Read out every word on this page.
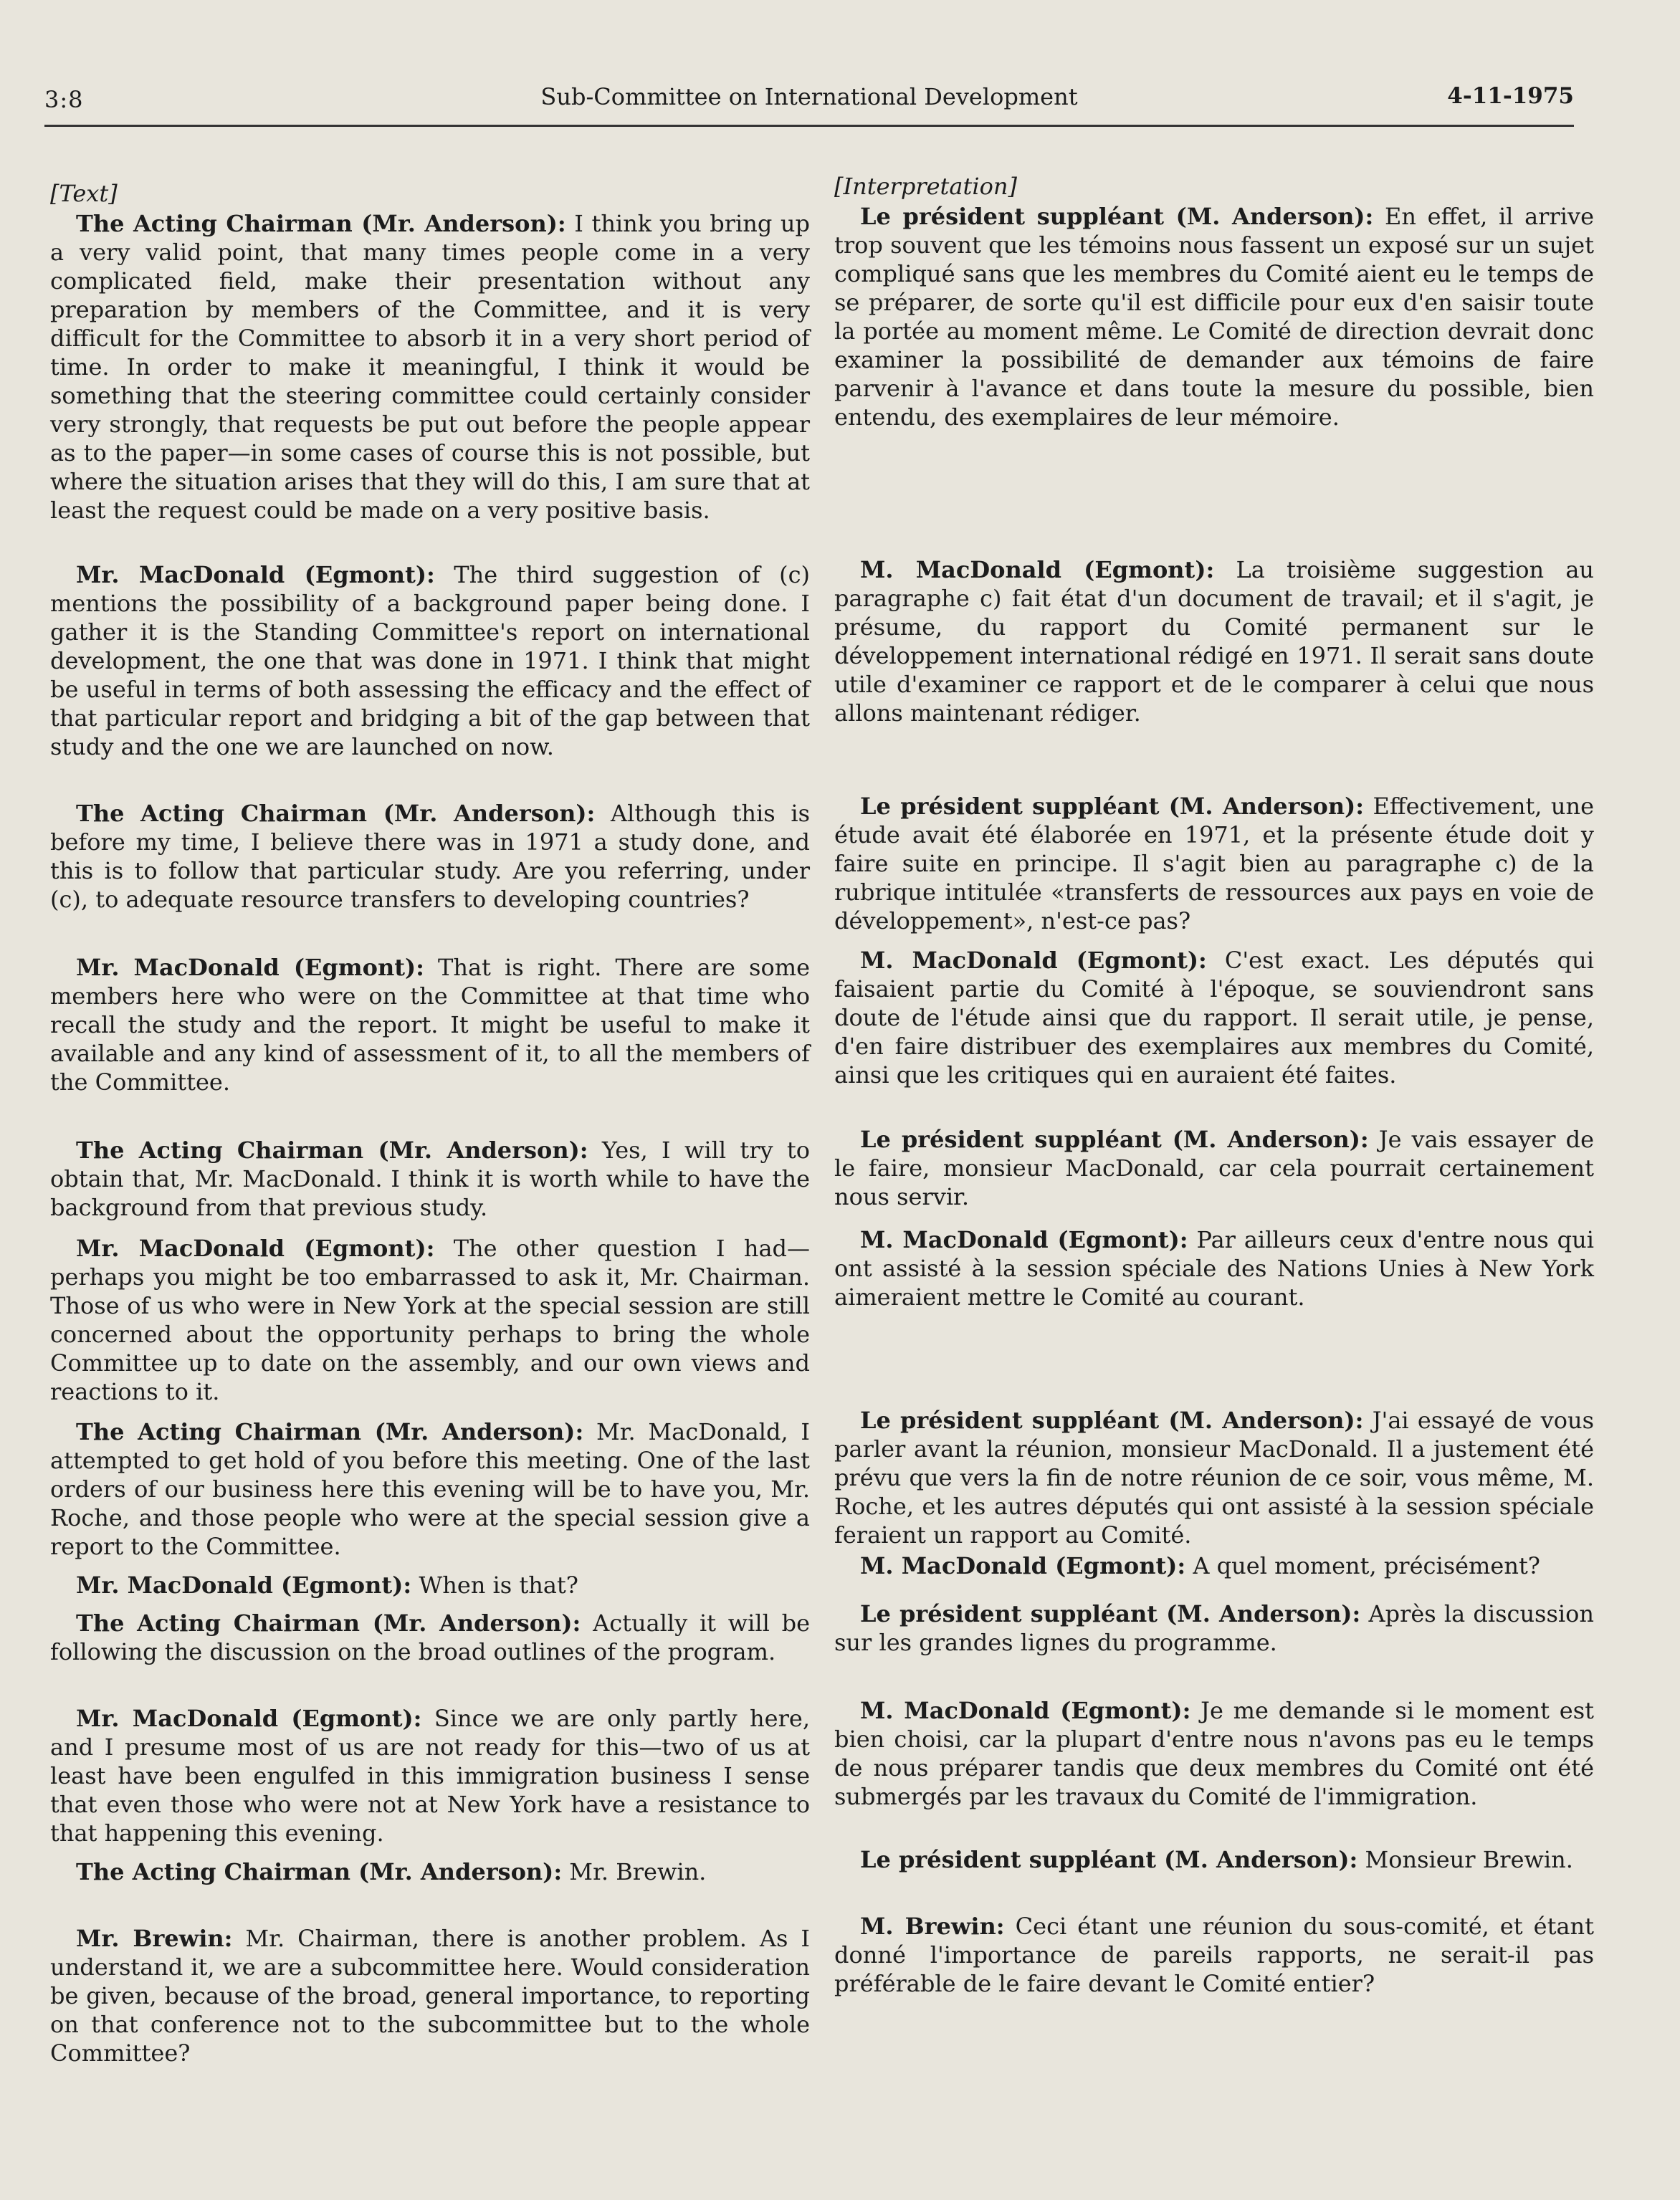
3:8	Sub-Committee on International Development	4-11-1975

[Text]

The Acting Chairman (Mr. Anderson): I think you bring up a very valid point, that many times people come in a very complicated field, make their presentation without any preparation by members of the Committee, and it is very difficult for the Committee to absorb it in a very short period of time. In order to make it meaningful, I think it would be something that the steering committee could certainly consider very strongly, that requests be put out before the people appear as to the paper—in some cases of course this is not possible, but where the situation arises that they will do this, I am sure that at least the request could be made on a very positive basis.

Mr. MacDonald (Egmont): The third suggestion of (c) mentions the possibility of a background paper being done. I gather it is the Standing Committee's report on international development, the one that was done in 1971. I think that might be useful in terms of both assessing the efficacy and the effect of that particular report and bridging a bit of the gap between that study and the one we are launched on now.

The Acting Chairman (Mr. Anderson): Although this is before my time, I believe there was in 1971 a study done, and this is to follow that particular study. Are you referring, under (c), to adequate resource transfers to developing countries?

Mr. MacDonald (Egmont): That is right. There are some members here who were on the Committee at that time who recall the study and the report. It might be useful to make it available and any kind of assessment of it, to all the members of the Committee.

The Acting Chairman (Mr. Anderson): Yes, I will try to obtain that, Mr. MacDonald. I think it is worth while to have the background from that previous study.

Mr. MacDonald (Egmont): The other question I had—perhaps you might be too embarrassed to ask it, Mr. Chairman. Those of us who were in New York at the special session are still concerned about the opportunity perhaps to bring the whole Committee up to date on the assembly, and our own views and reactions to it.

The Acting Chairman (Mr. Anderson): Mr. MacDonald, I attempted to get hold of you before this meeting. One of the last orders of our business here this evening will be to have you, Mr. Roche, and those people who were at the special session give a report to the Committee.

Mr. MacDonald (Egmont): When is that?

The Acting Chairman (Mr. Anderson): Actually it will be following the discussion on the broad outlines of the program.

Mr. MacDonald (Egmont): Since we are only partly here, and I presume most of us are not ready for this—two of us at least have been engulfed in this immigration business I sense that even those who were not at New York have a resistance to that happening this evening.

The Acting Chairman (Mr. Anderson): Mr. Brewin.

Mr. Brewin: Mr. Chairman, there is another problem. As I understand it, we are a subcommittee here. Would consideration be given, because of the broad, general importance, to reporting on that conference not to the subcommittee but to the whole Committee?

[Interpretation]

Le président suppléant (M. Anderson): En effet, il arrive trop souvent que les témoins nous fassent un exposé sur un sujet compliqué sans que les membres du Comité aient eu le temps de se préparer, de sorte qu'il est difficile pour eux d'en saisir toute la portée au moment même. Le Comité de direction devrait donc examiner la possibilité de demander aux témoins de faire parvenir à l'avance et dans toute la mesure du possible, bien entendu, des exemplaires de leur mémoire.

M. MacDonald (Egmont): La troisième suggestion au paragraphe c) fait état d'un document de travail; et il s'agit, je présume, du rapport du Comité permanent sur le développement international rédigé en 1971. Il serait sans doute utile d'examiner ce rapport et de le comparer à celui que nous allons maintenant rédiger.

Le président suppléant (M. Anderson): Effectivement, une étude avait été élaborée en 1971, et la présente étude doit y faire suite en principe. Il s'agit bien au paragraphe c) de la rubrique intitulée «transferts de ressources aux pays en voie de développement», n'est-ce pas?

M. MacDonald (Egmont): C'est exact. Les députés qui faisaient partie du Comité à l'époque, se souviendront sans doute de l'étude ainsi que du rapport. Il serait utile, je pense, d'en faire distribuer des exemplaires aux membres du Comité, ainsi que les critiques qui en auraient été faites.

Le président suppléant (M. Anderson): Je vais essayer de le faire, monsieur MacDonald, car cela pourrait certainement nous servir.

M. MacDonald (Egmont): Par ailleurs ceux d'entre nous qui ont assisté à la session spéciale des Nations Unies à New York aimeraient mettre le Comité au courant.

Le président suppléant (M. Anderson): J'ai essayé de vous parler avant la réunion, monsieur MacDonald. Il a justement été prévu que vers la fin de notre réunion de ce soir, vous même, M. Roche, et les autres députés qui ont assisté à la session spéciale feraient un rapport au Comité.

M. MacDonald (Egmont): A quel moment, précisément?

Le président suppléant (M. Anderson): Après la discussion sur les grandes lignes du programme.

M. MacDonald (Egmont): Je me demande si le moment est bien choisi, car la plupart d'entre nous n'avons pas eu le temps de nous préparer tandis que deux membres du Comité ont été submergés par les travaux du Comité de l'immigration.

Le président suppléant (M. Anderson): Monsieur Brewin.

M. Brewin: Ceci étant une réunion du sous-comité, et étant donné l'importance de pareils rapports, ne serait-il pas préférable de le faire devant le Comité entier?
